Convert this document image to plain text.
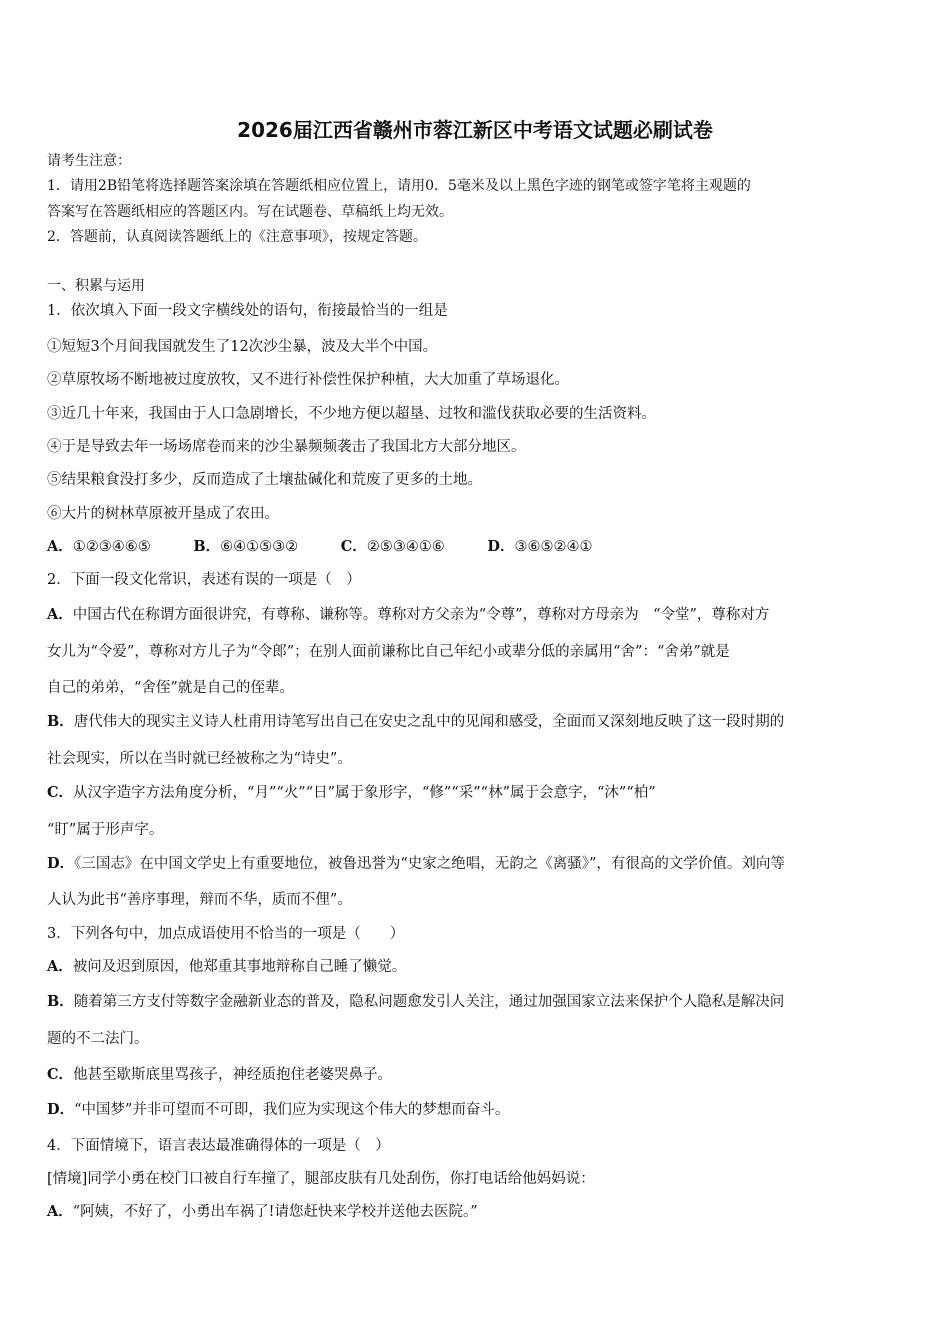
2026届江西省赣州市蓉江新区中考语文试题必刷试卷
请考生注意：
1．请用2B铅笔将选择题答案涂填在答题纸相应位置上，请用0．5毫米及以上黑色字迹的钢笔或签字笔将主观题的
答案写在答题纸相应的答题区内。写在试题卷、草稿纸上均无效。
2．答题前，认真阅读答题纸上的《注意事项》，按规定答题。
一、积累与运用
1．依次填入下面一段文字横线处的语句，衔接最恰当的一组是
①短短3个月间我国就发生了12次沙尘暴，波及大半个中国。
②草原牧场不断地被过度放牧，又不进行补偿性保护种植，大大加重了草场退化。
③近几十年来，我国由于人口急剧增长，不少地方便以超垦、过牧和滥伐获取必要的生活资料。
④于是导致去年一场场席卷而来的沙尘暴频频袭击了我国北方大部分地区。
⑤结果粮食没打多少，反而造成了土壤盐碱化和荒废了更多的土地。
⑥大片的树林草原被开垦成了农田。
A．①②③④⑥⑤	B．⑥④①⑤③②	C．②⑤③④①⑥	D．③⑥⑤②④①
2．下面一段文化常识，表述有误的一项是（　）
A．中国古代在称谓方面很讲究，有尊称、谦称等。尊称对方父亲为“令尊”，尊称对方母亲为　“令堂”，尊称对方
女儿为“令爱”，尊称对方儿子为“令郎”；在别人面前谦称比自己年纪小或辈分低的亲属用“舍”：“舍弟”就是
自己的弟弟，“舍侄”就是自己的侄辈。
B．唐代伟大的现实主义诗人杜甫用诗笔写出自己在安史之乱中的见闻和感受，全面而又深刻地反映了这一段时期的
社会现实，所以在当时就已经被称之为“诗史”。
C．从汉字造字方法角度分析，“月”“火”“日”属于象形字，“修”“采”“林”属于会意字，“沐”“柏”
“盯”属于形声字。
D．《三国志》在中国文学史上有重要地位，被鲁迅誉为“史家之绝唱，无韵之《离骚》”，有很高的文学价值。刘向等
人认为此书“善序事理，辩而不华，质而不俚”。
3．下列各句中，加点成语使用不恰当的一项是（　　）
A．被问及迟到原因，他郑重其事地辩称自己睡了懒觉。
B．随着第三方支付等数字金融新业态的普及，隐私问题愈发引人关注，通过加强国家立法来保护个人隐私是解决问
题的不二法门。
C．他甚至歇斯底里骂孩子，神经质抱住老婆哭鼻子。
D．“中国梦”并非可望而不可即，我们应为实现这个伟大的梦想而奋斗。
4．下面情境下，语言表达最准确得体的一项是（　）
[情境]同学小勇在校门口被自行车撞了，腿部皮肤有几处刮伤，你打电话给他妈妈说：
A．“阿姨，不好了，小勇出车祸了!请您赶快来学校并送他去医院。”
